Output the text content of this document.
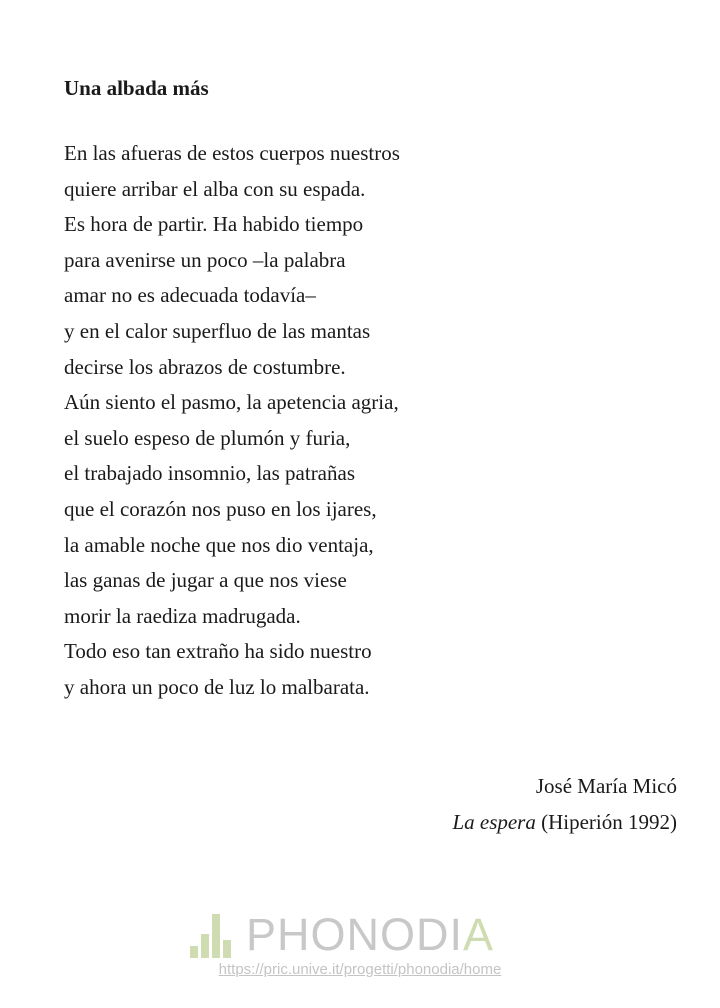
Una albada más
En las afueras de estos cuerpos nuestros
quiere arribar el alba con su espada.
Es hora de partir. Ha habido tiempo
para avenirse un poco –la palabra
amar no es adecuada todavía–
y en el calor superfluo de las mantas
decirse los abrazos de costumbre.
Aún siento el pasmo, la apetencia agria,
el suelo espeso de plumón y furia,
el trabajado insomnio, las patrañas
que el corazón nos puso en los ijares,
la amable noche que nos dio ventaja,
las ganas de jugar a que nos viese
morir la raediza madrugada.
Todo eso tan extraño ha sido nuestro
y ahora un poco de luz lo malbarata.
José María Micó
La espera (Hiperión 1992)
PHONODIA
https://pric.unive.it/progetti/phonodia/home
